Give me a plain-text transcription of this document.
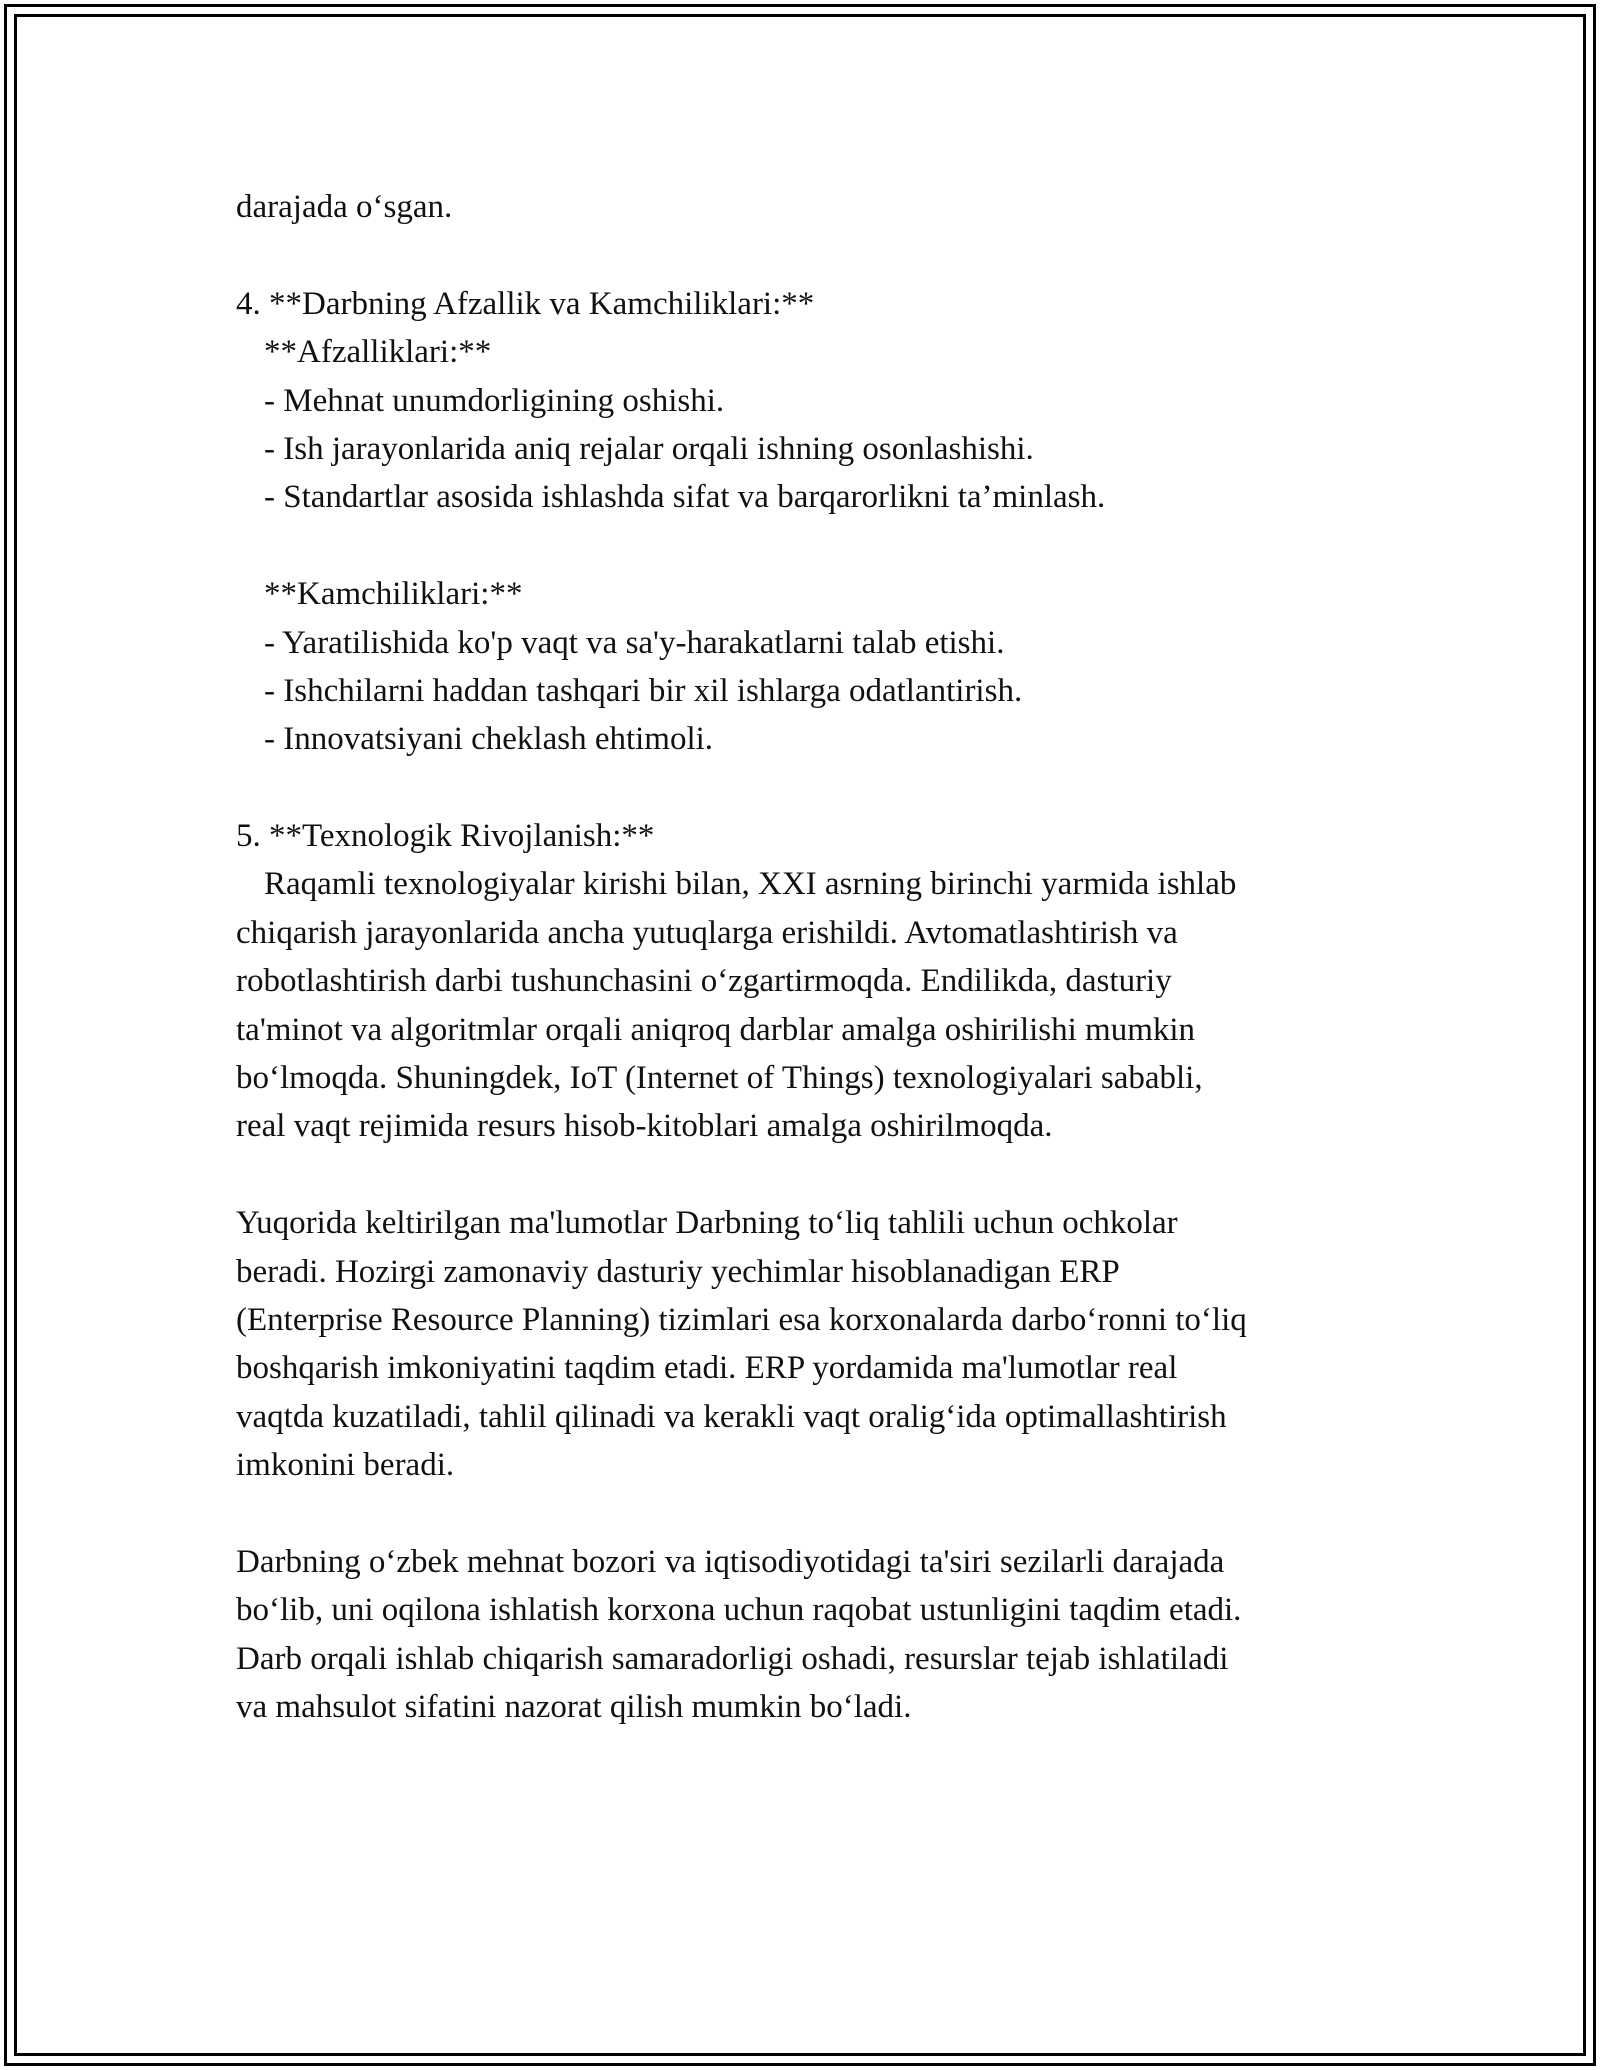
darajada o‘sgan.
4. **Darbning Afzallik va Kamchiliklari:**
**Afzalliklari:**
- Mehnat unumdorligining oshishi.
- Ish jarayonlarida aniq rejalar orqali ishning osonlashishi.
- Standartlar asosida ishlashda sifat va barqarorlikni ta’minlash.
**Kamchiliklari:**
- Yaratilishida ko'p vaqt va sa'y-harakatlarni talab etishi.
- Ishchilarni haddan tashqari bir xil ishlarga odatlantirish.
- Innovatsiyani cheklash ehtimoli.
5. **Texnologik Rivojlanish:**
Raqamli texnologiyalar kirishi bilan, XXI asrning birinchi yarmida ishlab
chiqarish jarayonlarida ancha yutuqlarga erishildi. Avtomatlashtirish va
robotlashtirish darbi tushunchasini o‘zgartirmoqda. Endilikda, dasturiy
ta'minot va algoritmlar orqali aniqroq darblar amalga oshirilishi mumkin
bo‘lmoqda. Shuningdek, IoT (Internet of Things) texnologiyalari sababli,
real vaqt rejimida resurs hisob-kitoblari amalga oshirilmoqda.
Yuqorida keltirilgan ma'lumotlar Darbning to‘liq tahlili uchun ochkolar
beradi. Hozirgi zamonaviy dasturiy yechimlar hisoblanadigan ERP
(Enterprise Resource Planning) tizimlari esa korxonalarda darbo‘ronni to‘liq
boshqarish imkoniyatini taqdim etadi. ERP yordamida ma'lumotlar real
vaqtda kuzatiladi, tahlil qilinadi va kerakli vaqt oralig‘ida optimallashtirish
imkonini beradi.
Darbning o‘zbek mehnat bozori va iqtisodiyotidagi ta'siri sezilarli darajada
bo‘lib, uni oqilona ishlatish korxona uchun raqobat ustunligini taqdim etadi.
Darb orqali ishlab chiqarish samaradorligi oshadi, resurslar tejab ishlatiladi
va mahsulot sifatini nazorat qilish mumkin bo‘ladi.
